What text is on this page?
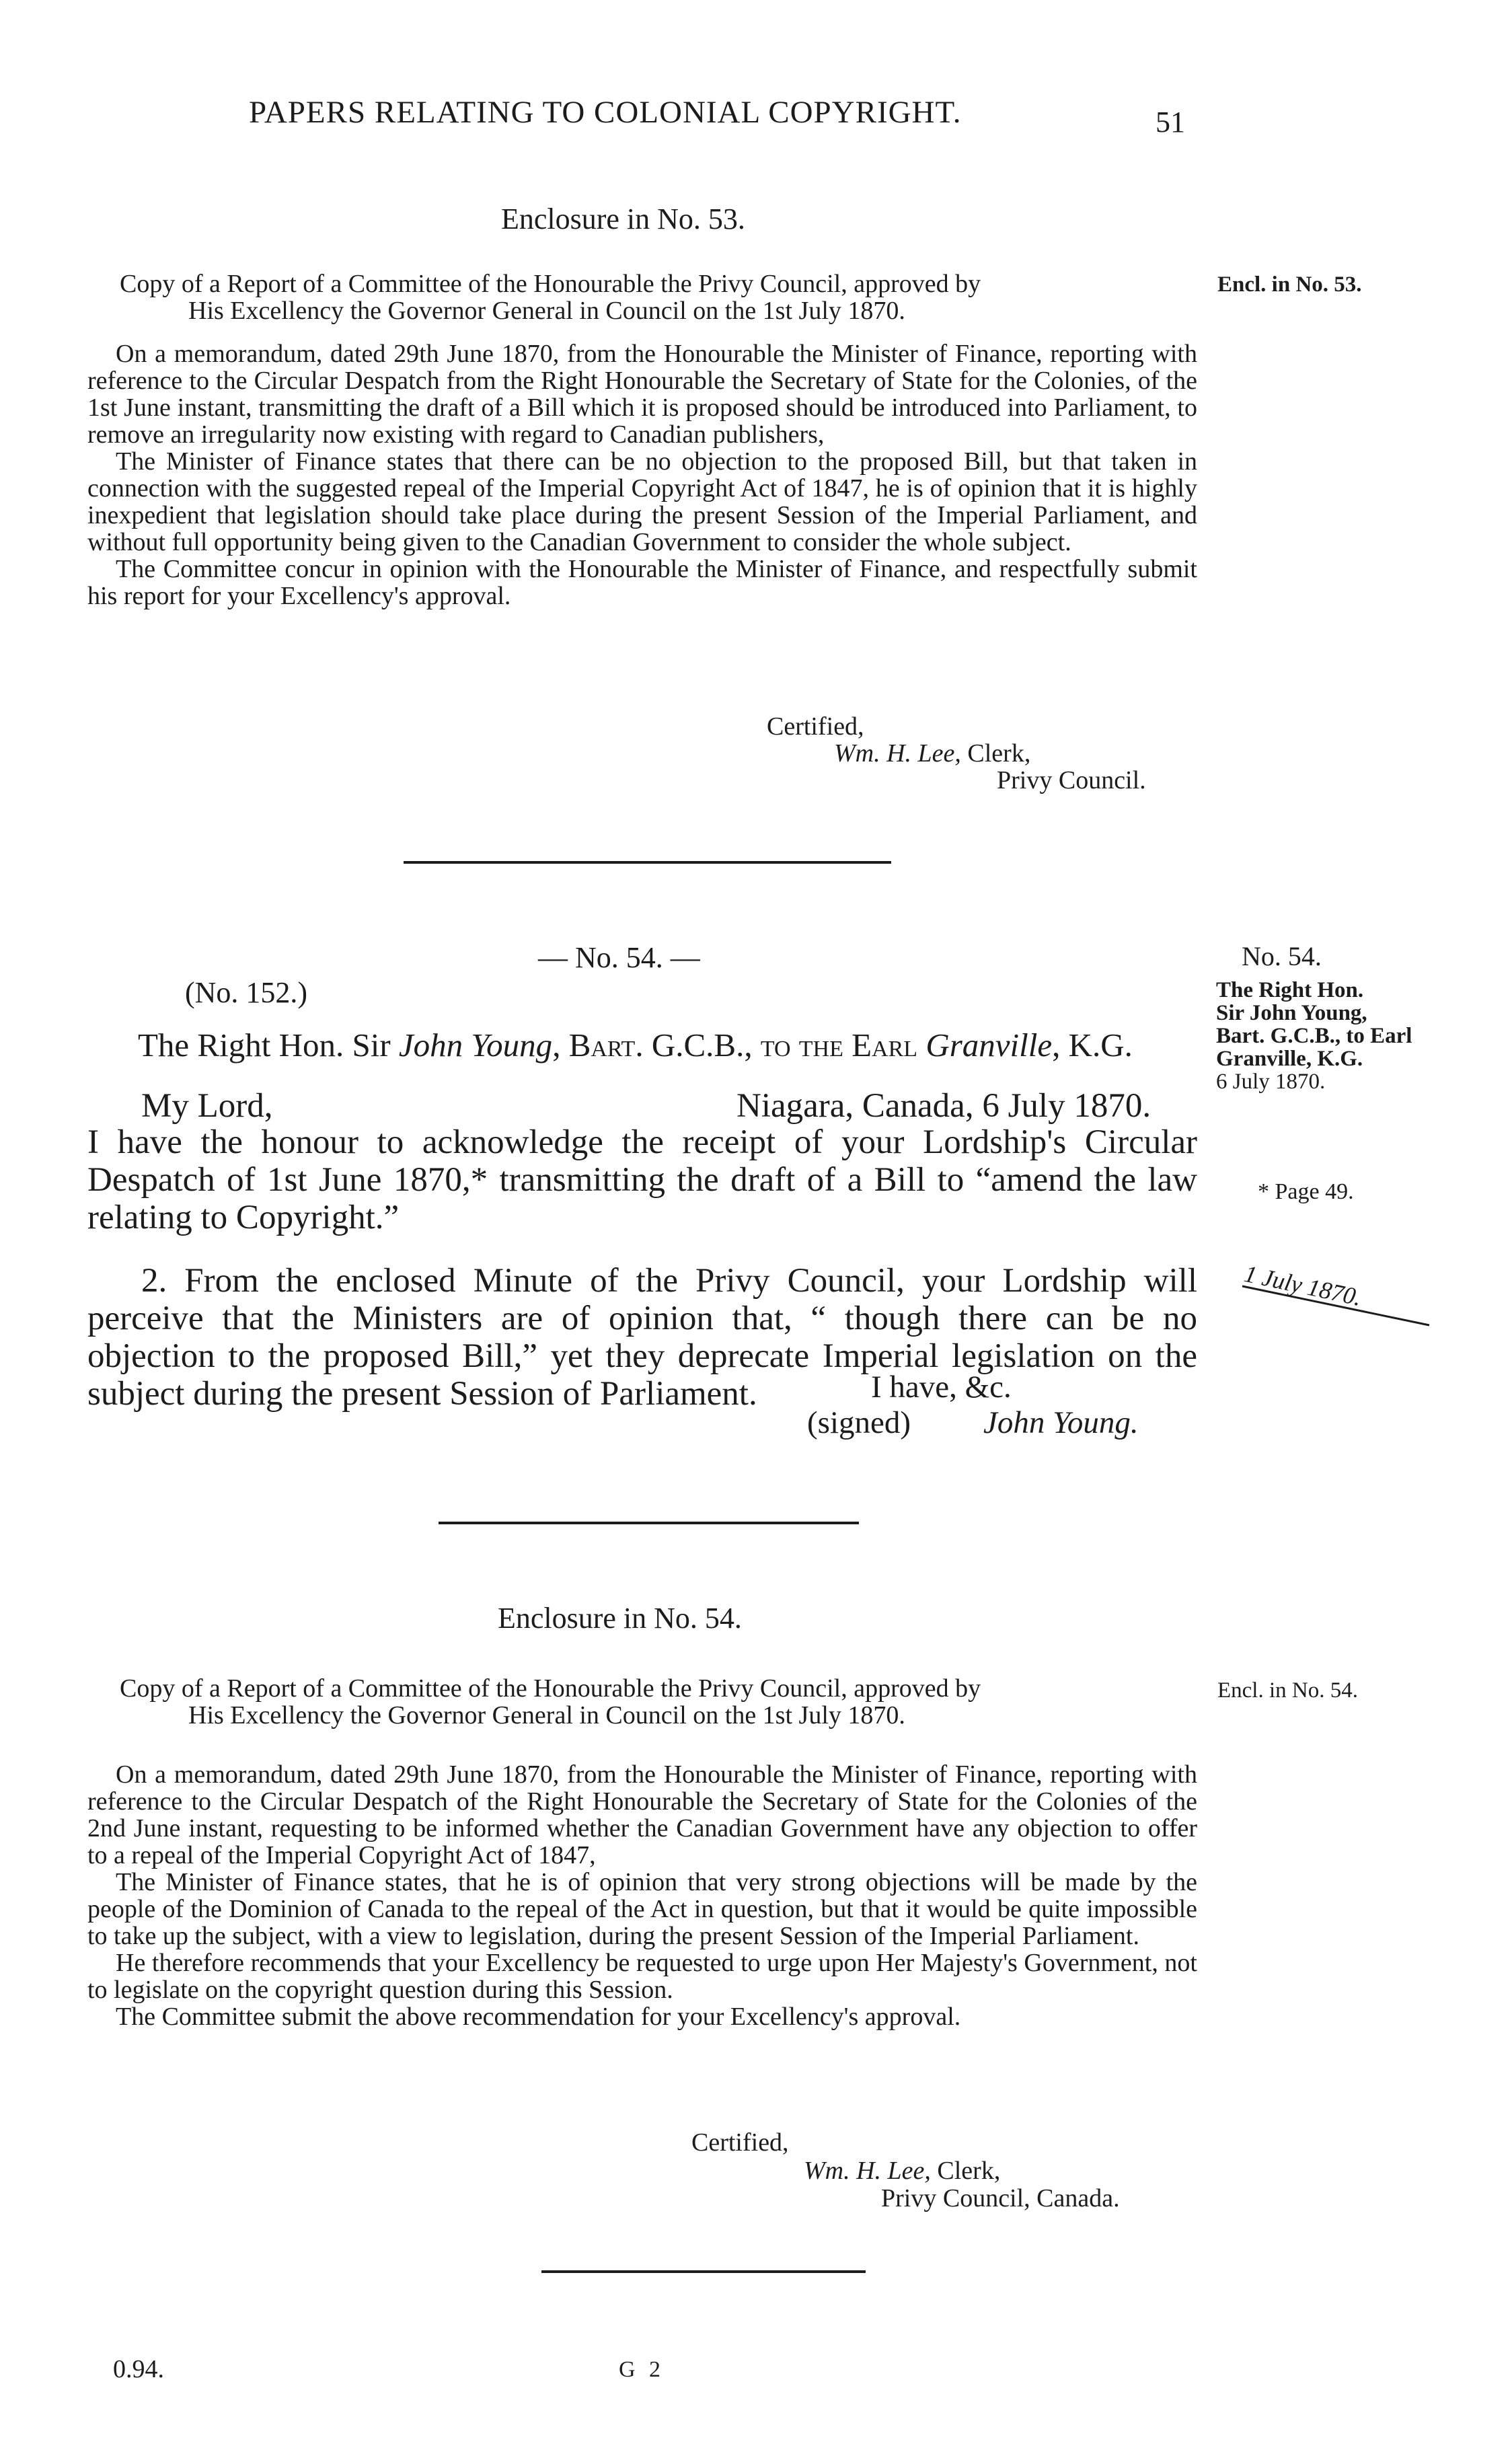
PAPERS RELATING TO COLONIAL COPYRIGHT.	51
Enclosure in No. 53.
Copy of a Report of a Committee of the Honourable the Privy Council, approved by
His Excellency the Governor General in Council on the 1st July 1870.
Encl. in No. 53.

On a memorandum, dated 29th June 1870, from the Honourable the Minister of Finance, reporting with reference to the Circular Despatch from the Right Honourable the Secretary of State for the Colonies, of the 1st June instant, transmitting the draft of a Bill which it is proposed should be introduced into Parliament, to remove an irregularity now existing with regard to Canadian publishers,

The Minister of Finance states that there can be no objection to the proposed Bill, but that taken in connection with the suggested repeal of the Imperial Copyright Act of 1847, he is of opinion that it is highly inexpedient that legislation should take place during the present Session of the Imperial Parliament, and without full opportunity being given to the Canadian Government to consider the whole subject.

The Committee concur in opinion with the Honourable the Minister of Finance, and respectfully submit his report for your Excellency's approval.

Certified,
Wm. H. Lee, Clerk,
Privy Council.
— No. 54. —
(No. 152.)
The Right Hon. Sir John Young, Bart. G.C.B., to the Earl Granville, K.G.
No. 54.
The Right Hon.
Sir John Young,
Bart. G.C.B., to Earl
Granville, K.G.
6 July 1870.
My Lord,	Niagara, Canada, 6 July 1870.

I have the honour to acknowledge the receipt of your Lordship's Circular Despatch of 1st June 1870,* transmitting the draft of a Bill to “amend the law relating to Copyright.”

2. From the enclosed Minute of the Privy Council, your Lordship will perceive that the Ministers are of opinion that, “ though there can be no objection to the proposed Bill,” yet they deprecate Imperial legislation on the subject during the present Session of Parliament.

* Page 49.
1 July 1870.
I have, &c.
(signed) John Young.
Enclosure in No. 54.
Copy of a Report of a Committee of the Honourable the Privy Council, approved by
His Excellency the Governor General in Council on the 1st July 1870.
Encl. in No. 54.

On a memorandum, dated 29th June 1870, from the Honourable the Minister of Finance, reporting with reference to the Circular Despatch of the Right Honourable the Secretary of State for the Colonies of the 2nd June instant, requesting to be informed whether the Canadian Government have any objection to offer to a repeal of the Imperial Copyright Act of 1847,

The Minister of Finance states, that he is of opinion that very strong objections will be made by the people of the Dominion of Canada to the repeal of the Act in question, but that it would be quite impossible to take up the subject, with a view to legislation, during the present Session of the Imperial Parliament.

He therefore recommends that your Excellency be requested to urge upon Her Majesty's Government, not to legislate on the copyright question during this Session.

The Committee submit the above recommendation for your Excellency's approval.

Certified,
Wm. H. Lee, Clerk,
Privy Council, Canada.
0.94.	G 2
